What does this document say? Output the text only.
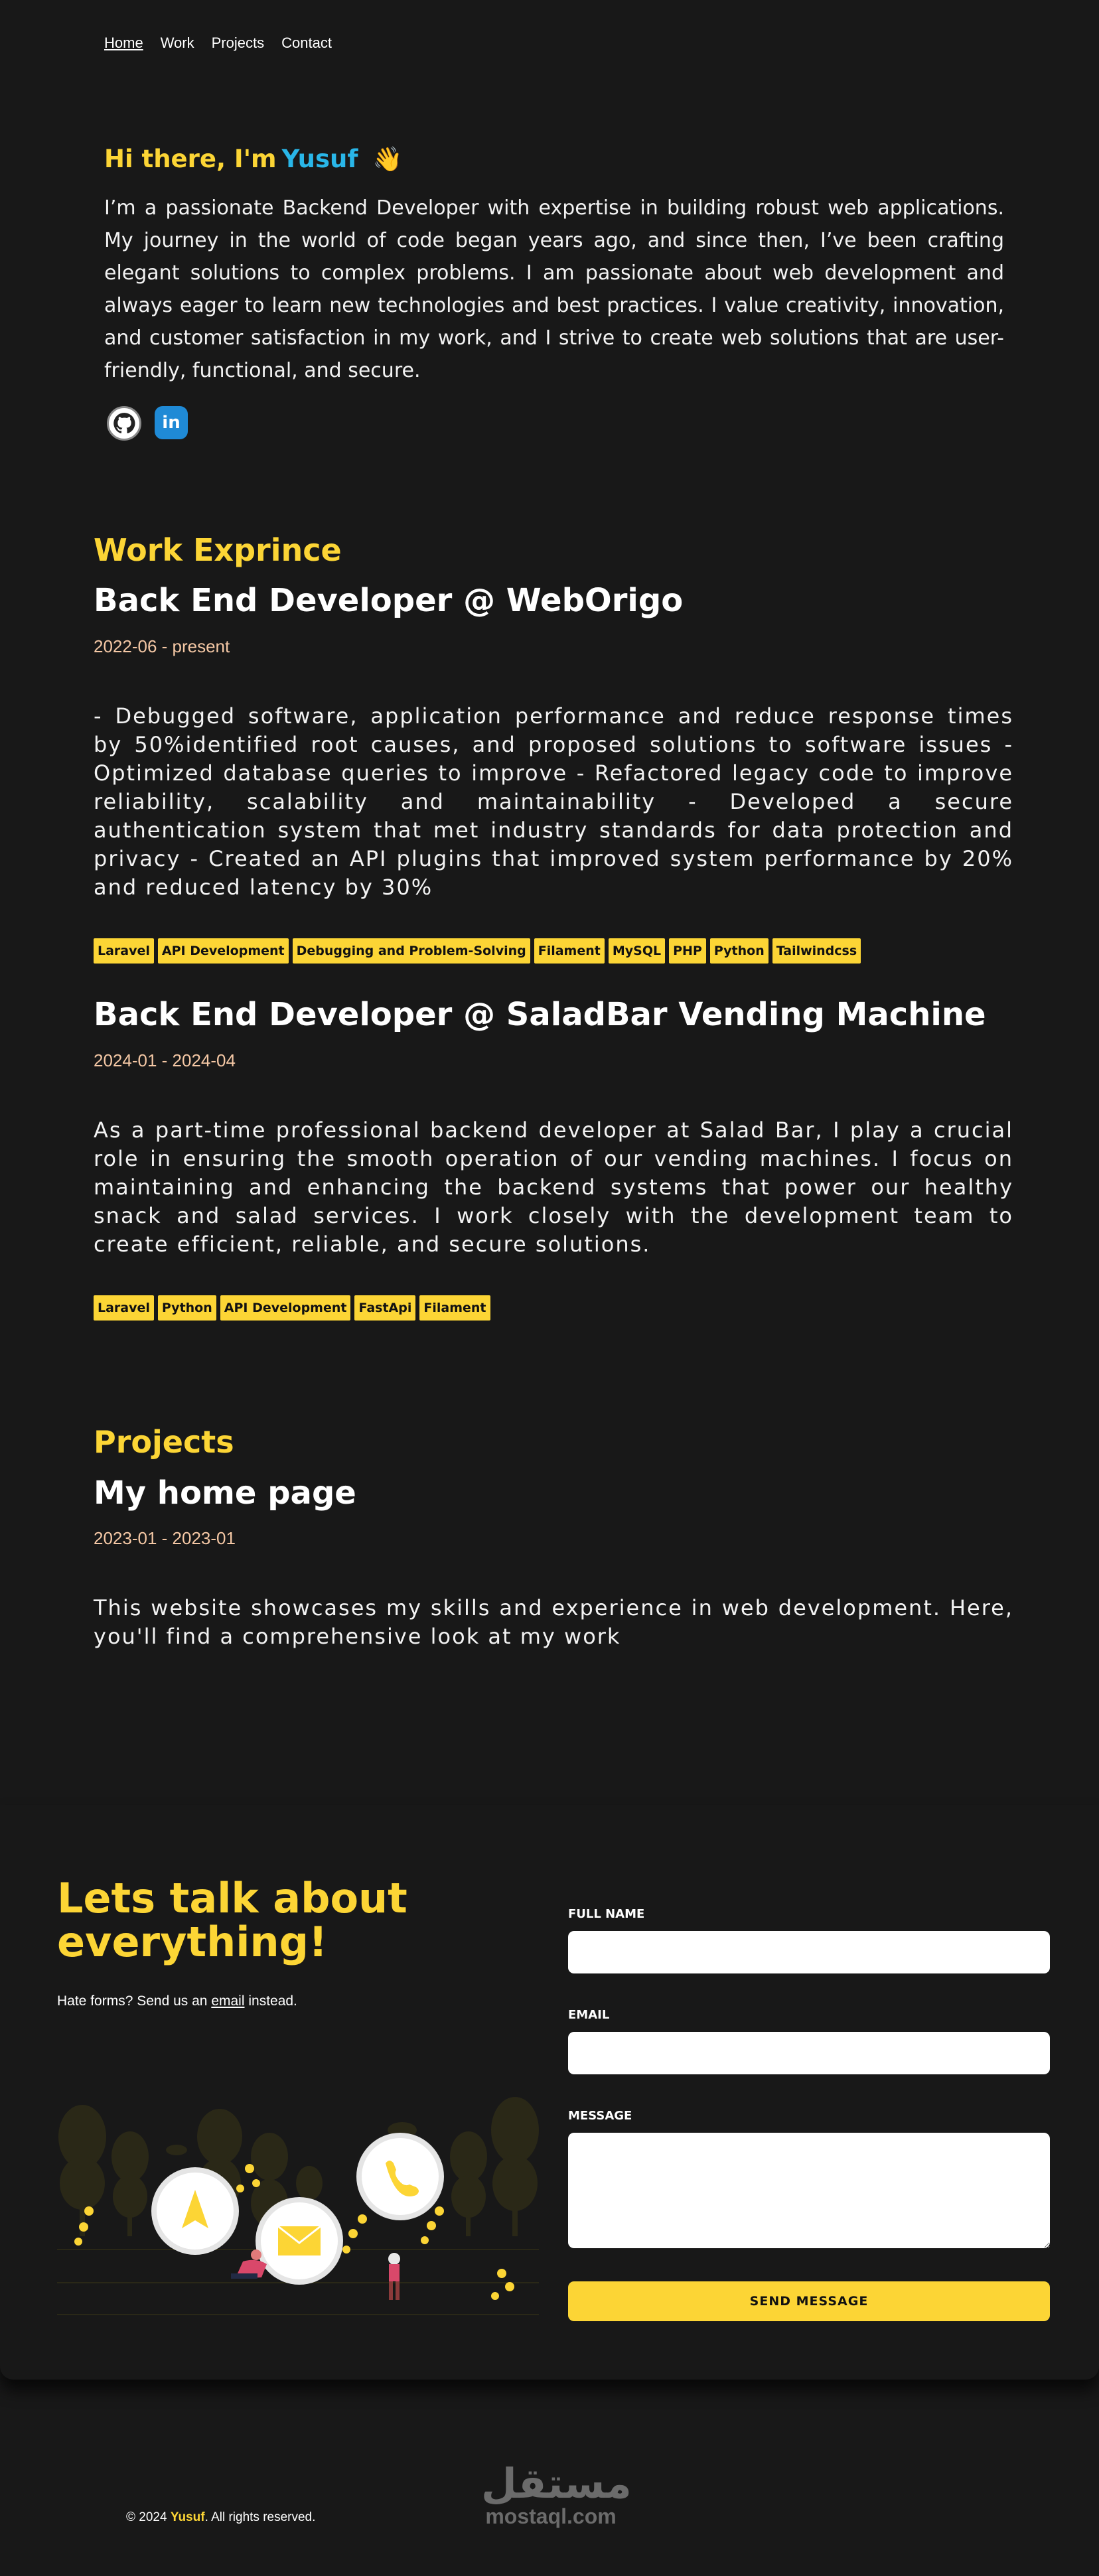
Home Work Projects Contact
Hi there, I'm Yusuf 👋

I’m a passionate Backend Developer with expertise in building robust web applications. My journey in the world of code began years ago, and since then, I’ve been crafting elegant solutions to complex problems. I am passionate about web development and always eager to learn new technologies and best practices. I value creativity, innovation, and customer satisfaction in my work, and I strive to create web solutions that are user-friendly, functional, and secure.

in
Work Exprince
Back End Developer @ WebOrigo
2022-06 - present

- Debugged software, application performance and reduce response times by 50%identified root causes, and proposed solutions to software issues - Optimized database queries to improve - Refactored legacy code to improve reliability, scalability and maintainability - Developed a secure authentication system that met industry standards for data protection and privacy - Created an API plugins that improved system performance by 20% and reduced latency by 30%

Laravel API Development Debugging and Problem-Solving Filament MySQL PHP Python Tailwindcss
Back End Developer @ SaladBar Vending Machine
2024-01 - 2024-04

As a part-time professional backend developer at Salad Bar, I play a crucial role in ensuring the smooth operation of our vending machines. I focus on maintaining and enhancing the backend systems that power our healthy snack and salad services. I work closely with the development team to create efficient, reliable, and secure solutions.

Laravel Python API Development FastApi Filament
Projects
My home page
2023-01 - 2023-01

This website showcases my skills and experience in web development. Here, you'll find a comprehensive look at my work

Lets talk about everything!
Hate forms? Send us an email instead.
FULL NAME
EMAIL
MESSAGE
SEND MESSAGE
مستقل
mostaql.com
© 2024 Yusuf. All rights reserved.
